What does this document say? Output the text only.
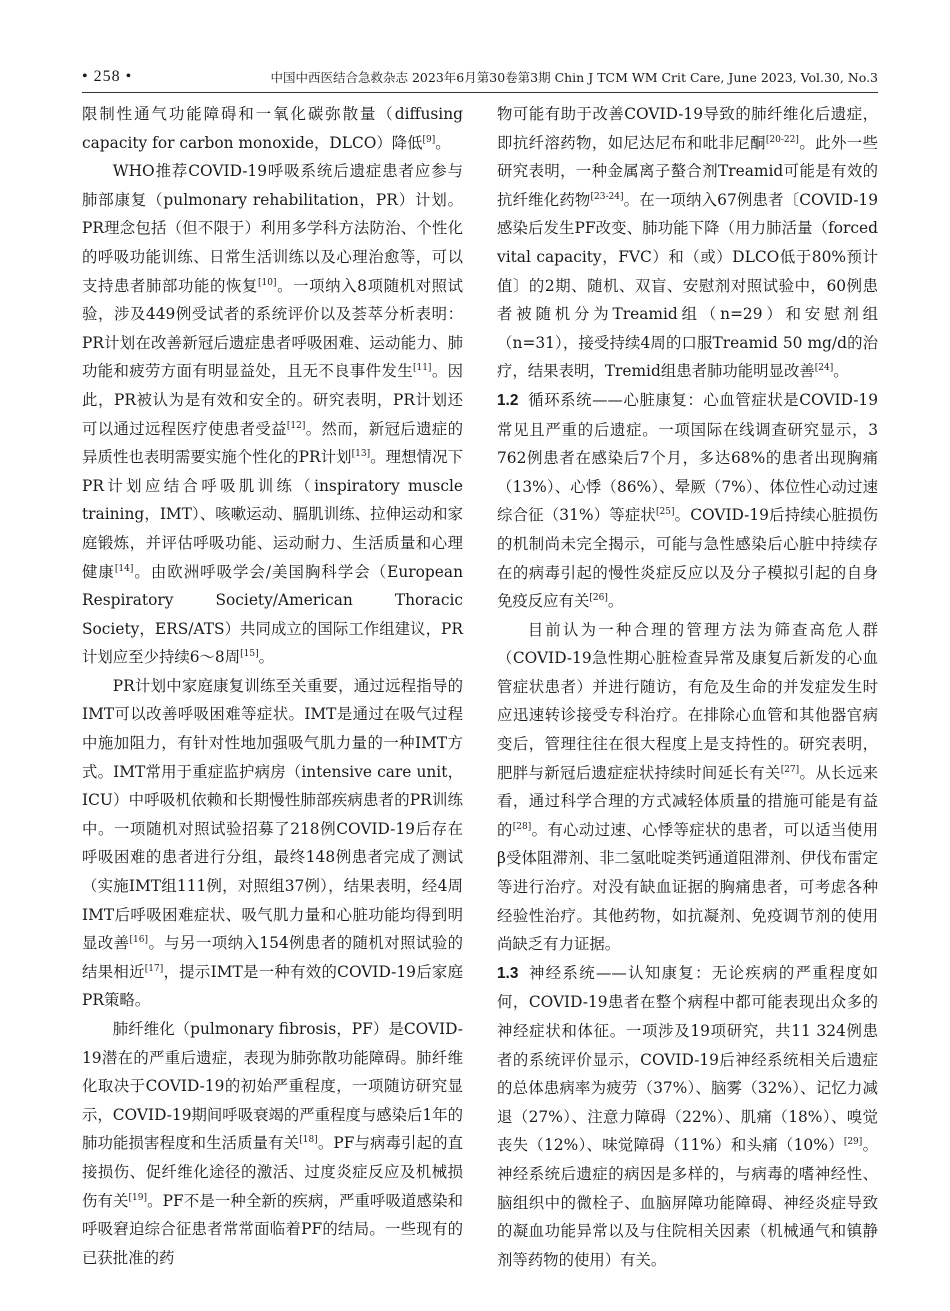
• 258 •	中国中西医结合急救杂志 2023年6月第30卷第3期 Chin J TCM WM Crit Care, June 2023, Vol.30, No.3

限制性通气功能障碍和一氧化碳弥散量（diffusing capacity for carbon monoxide，DLCO）降低[9]。

WHO推荐COVID-19呼吸系统后遗症患者应参与肺部康复（pulmonary rehabilitation，PR）计划。PR理念包括（但不限于）利用多学科方法防治、个性化的呼吸功能训练、日常生活训练以及心理治愈等，可以支持患者肺部功能的恢复[10]。一项纳入8项随机对照试验，涉及449例受试者的系统评价以及荟萃分析表明：PR计划在改善新冠后遗症患者呼吸困难、运动能力、肺功能和疲劳方面有明显益处，且无不良事件发生[11]。因此，PR被认为是有效和安全的。研究表明，PR计划还可以通过远程医疗使患者受益[12]。然而，新冠后遗症的异质性也表明需要实施个性化的PR计划[13]。理想情况下PR计划应结合呼吸肌训练（inspiratory muscle training，IMT）、咳嗽运动、膈肌训练、拉伸运动和家庭锻炼，并评估呼吸功能、运动耐力、生活质量和心理健康[14]。由欧洲呼吸学会/美国胸科学会（European Respiratory Society/American Thoracic Society，ERS/ATS）共同成立的国际工作组建议，PR计划应至少持续6～8周[15]。

PR计划中家庭康复训练至关重要，通过远程指导的IMT可以改善呼吸困难等症状。IMT是通过在吸气过程中施加阻力，有针对性地加强吸气肌力量的一种IMT方式。IMT常用于重症监护病房（intensive care unit，ICU）中呼吸机依赖和长期慢性肺部疾病患者的PR训练中。一项随机对照试验招募了218例COVID-19后存在呼吸困难的患者进行分组，最终148例患者完成了测试（实施IMT组111例，对照组37例），结果表明，经4周IMT后呼吸困难症状、吸气肌力量和心脏功能均得到明显改善[16]。与另一项纳入154例患者的随机对照试验的结果相近[17]，提示IMT是一种有效的COVID-19后家庭PR策略。

肺纤维化（pulmonary fibrosis，PF）是COVID-19潜在的严重后遗症，表现为肺弥散功能障碍。肺纤维化取决于COVID-19的初始严重程度，一项随访研究显示，COVID-19期间呼吸衰竭的严重程度与感染后1年的肺功能损害程度和生活质量有关[18]。PF与病毒引起的直接损伤、促纤维化途径的激活、过度炎症反应及机械损伤有关[19]。PF不是一种全新的疾病，严重呼吸道感染和呼吸窘迫综合征患者常常面临着PF的结局。一些现有的已获批准的药

物可能有助于改善COVID-19导致的肺纤维化后遗症，即抗纤溶药物，如尼达尼布和吡非尼酮[20-22]。此外一些研究表明，一种金属离子螯合剂Treamid可能是有效的抗纤维化药物[23-24]。在一项纳入67例患者〔COVID-19感染后发生PF改变、肺功能下降（用力肺活量（forced vital capacity，FVC）和（或）DLCO低于80%预计值〕的2期、随机、双盲、安慰剂对照试验中，60例患者被随机分为Treamid组（n=29）和安慰剂组（n=31），接受持续4周的口服Treamid 50 mg/d的治疗，结果表明，Tremid组患者肺功能明显改善[24]。

1.2 循环系统——心脏康复：心血管症状是COVID-19常见且严重的后遗症。一项国际在线调查研究显示，3 762例患者在感染后7个月，多达68%的患者出现胸痛（13%）、心悸（86%）、晕厥（7%）、体位性心动过速综合征（31%）等症状[25]。COVID-19后持续心脏损伤的机制尚未完全揭示，可能与急性感染后心脏中持续存在的病毒引起的慢性炎症反应以及分子模拟引起的自身免疫反应有关[26]。

目前认为一种合理的管理方法为筛查高危人群（COVID-19急性期心脏检查异常及康复后新发的心血管症状患者）并进行随访，有危及生命的并发症发生时应迅速转诊接受专科治疗。在排除心血管和其他器官病变后，管理往往在很大程度上是支持性的。研究表明，肥胖与新冠后遗症症状持续时间延长有关[27]。从长远来看，通过科学合理的方式减轻体质量的措施可能是有益的[28]。有心动过速、心悸等症状的患者，可以适当使用β受体阻滞剂、非二氢吡啶类钙通道阻滞剂、伊伐布雷定等进行治疗。对没有缺血证据的胸痛患者，可考虑各种经验性治疗。其他药物，如抗凝剂、免疫调节剂的使用尚缺乏有力证据。

1.3 神经系统——认知康复：无论疾病的严重程度如何，COVID-19患者在整个病程中都可能表现出众多的神经症状和体征。一项涉及19项研究，共11 324例患者的系统评价显示，COVID-19后神经系统相关后遗症的总体患病率为疲劳（37%）、脑雾（32%）、记忆力减退（27%）、注意力障碍（22%）、肌痛（18%）、嗅觉丧失（12%）、味觉障碍（11%）和头痛（10%）[29]。神经系统后遗症的病因是多样的，与病毒的嗜神经性、脑组织中的微栓子、血脑屏障功能障碍、神经炎症导致的凝血功能异常以及与住院相关因素（机械通气和镇静剂等药物的使用）有关。
